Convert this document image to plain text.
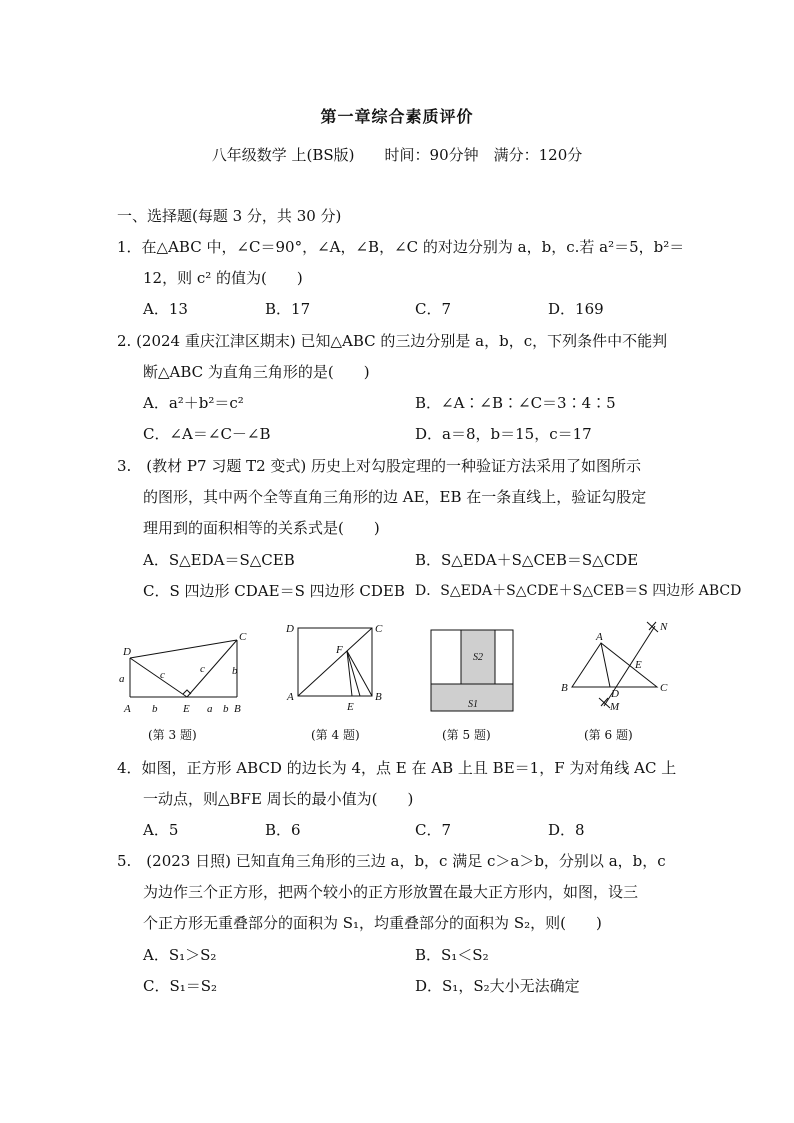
第一章综合素质评价
八年级数学 上(BS版)　　时间：90分钟　满分：120分
一、选择题(每题 3 分，共 30 分)
1．在△ABC 中，∠C＝90°，∠A，∠B，∠C 的对边分别为 a，b，c.若 a²＝5，b²＝
12，则 c² 的值为(　　)
A．13	B．17	C．7	D．169
2. (2024 重庆江津区期末) 已知△ABC 的三边分别是 a，b，c，下列条件中不能判
断△ABC 为直角三角形的是(　　)
A．a²＋b²＝c²	B．∠A∶∠B∶∠C＝3∶4∶5
C．∠A＝∠C－∠B	D．a＝8，b＝15，c＝17
3.　(教材 P7 习题 T2 变式) 历史上对勾股定理的一种验证方法采用了如图所示
的图形，其中两个全等直角三角形的边 AE，EB 在一条直线上，验证勾股定
理用到的面积相等的关系式是(　　)
A．S△EDA＝S△CEB	B．S△EDA＋S△CEB＝S△CDE
C．S 四边形 CDAE＝S 四边形 CDEB D．S△EDA＋S△CDE＋S△CEB＝S 四边形 ABCD
D
C
a	c	c b
A b E a b B
(第 3 题)
D	C
F
A
E
B
(第 4 题)
S2
S1
(第 5 题)
A
N
E
B	D	C
M
(第 6 题)
4．如图，正方形 ABCD 的边长为 4，点 E 在 AB 上且 BE＝1，F 为对角线 AC 上
一动点，则△BFE 周长的最小值为(　　)
A．5	B．6	C．7	D．8
5.　(2023 日照) 已知直角三角形的三边 a，b，c 满足 c＞a＞b，分别以 a，b，c
为边作三个正方形，把两个较小的正方形放置在最大正方形内，如图，设三
个正方形无重叠部分的面积为 S₁，均重叠部分的面积为 S₂，则(　　)
A．S₁＞S₂	B．S₁＜S₂
C．S₁＝S₂	D．S₁，S₂大小无法确定
